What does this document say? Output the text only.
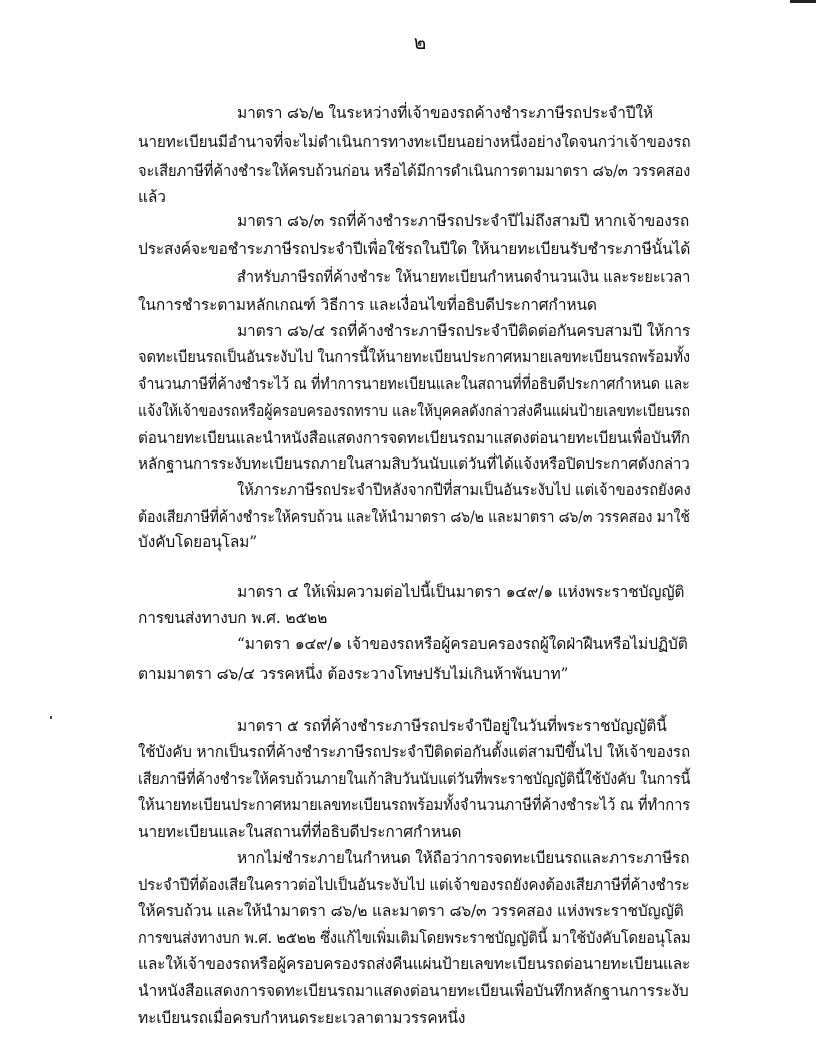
๒
มาตรา ๘๖/๒ ในระหว่างที่เจ้าของรถค้างชำระภาษีรถประจำปีให้
นายทะเบียนมีอำนาจที่จะไม่ดำเนินการทางทะเบียนอย่างหนึ่งอย่างใดจนกว่าเจ้าของรถ
จะเสียภาษีที่ค้างชำระให้ครบถ้วนก่อน หรือได้มีการดำเนินการตามมาตรา ๘๖/๓ วรรคสอง
แล้ว
มาตรา ๘๖/๓ รถที่ค้างชำระภาษีรถประจำปีไม่ถึงสามปี หากเจ้าของรถ
ประสงค์จะขอชำระภาษีรถประจำปีเพื่อใช้รถในปีใด ให้นายทะเบียนรับชำระภาษีนั้นได้
สำหรับภาษีรถที่ค้างชำระ ให้นายทะเบียนกำหนดจำนวนเงิน และระยะเวลา
ในการชำระตามหลักเกณฑ์ วิธีการ และเงื่อนไขที่อธิบดีประกาศกำหนด
มาตรา ๘๖/๔ รถที่ค้างชำระภาษีรถประจำปีติดต่อกันครบสามปี ให้การ
จดทะเบียนรถเป็นอันระงับไป ในการนี้ให้นายทะเบียนประกาศหมายเลขทะเบียนรถพร้อมทั้ง
จำนวนภาษีที่ค้างชำระไว้ ณ ที่ทำการนายทะเบียนและในสถานที่ที่อธิบดีประกาศกำหนด และ
แจ้งให้เจ้าของรถหรือผู้ครอบครองรถทราบ และให้บุคคลดังกล่าวส่งคืนแผ่นป้ายเลขทะเบียนรถ
ต่อนายทะเบียนและนำหนังสือแสดงการจดทะเบียนรถมาแสดงต่อนายทะเบียนเพื่อบันทึก
หลักฐานการระงับทะเบียนรถภายในสามสิบวันนับแต่วันที่ได้แจ้งหรือปิดประกาศดังกล่าว
ให้ภาระภาษีรถประจำปีหลังจากปีที่สามเป็นอันระงับไป แต่เจ้าของรถยังคง
ต้องเสียภาษีที่ค้างชำระให้ครบถ้วน และให้นำมาตรา ๘๖/๒ และมาตรา ๘๖/๓ วรรคสอง มาใช้
บังคับโดยอนุโลม”
มาตรา ๔ ให้เพิ่มความต่อไปนี้เป็นมาตรา ๑๔๙/๑ แห่งพระราชบัญญัติ
การขนส่งทางบก พ.ศ. ๒๕๒๒
“มาตรา ๑๔๙/๑ เจ้าของรถหรือผู้ครอบครองรถผู้ใดฝ่าฝืนหรือไม่ปฏิบัติ
ตามมาตรา ๘๖/๔ วรรคหนึ่ง ต้องระวางโทษปรับไม่เกินห้าพันบาท”
มาตรา ๕ รถที่ค้างชำระภาษีรถประจำปีอยู่ในวันที่พระราชบัญญัตินี้
ใช้บังคับ หากเป็นรถที่ค้างชำระภาษีรถประจำปีติดต่อกันตั้งแต่สามปีขึ้นไป ให้เจ้าของรถ
เสียภาษีที่ค้างชำระให้ครบถ้วนภายในเก้าสิบวันนับแต่วันที่พระราชบัญญัตินี้ใช้บังคับ ในการนี้
ให้นายทะเบียนประกาศหมายเลขทะเบียนรถพร้อมทั้งจำนวนภาษีที่ค้างชำระไว้ ณ ที่ทำการ
นายทะเบียนและในสถานที่ที่อธิบดีประกาศกำหนด
หากไม่ชำระภายในกำหนด ให้ถือว่าการจดทะเบียนรถและภาระภาษีรถ
ประจำปีที่ต้องเสียในคราวต่อไปเป็นอันระงับไป แต่เจ้าของรถยังคงต้องเสียภาษีที่ค้างชำระ
ให้ครบถ้วน และให้นำมาตรา ๘๖/๒ และมาตรา ๘๖/๓ วรรคสอง แห่งพระราชบัญญัติ
การขนส่งทางบก พ.ศ. ๒๕๒๒ ซึ่งแก้ไขเพิ่มเติมโดยพระราชบัญญัตินี้ มาใช้บังคับโดยอนุโลม
และให้เจ้าของรถหรือผู้ครอบครองรถส่งคืนแผ่นป้ายเลขทะเบียนรถต่อนายทะเบียนและ
นำหนังสือแสดงการจดทะเบียนรถมาแสดงต่อนายทะเบียนเพื่อบันทึกหลักฐานการระงับ
ทะเบียนรถเมื่อครบกำหนดระยะเวลาตามวรรคหนึ่ง
